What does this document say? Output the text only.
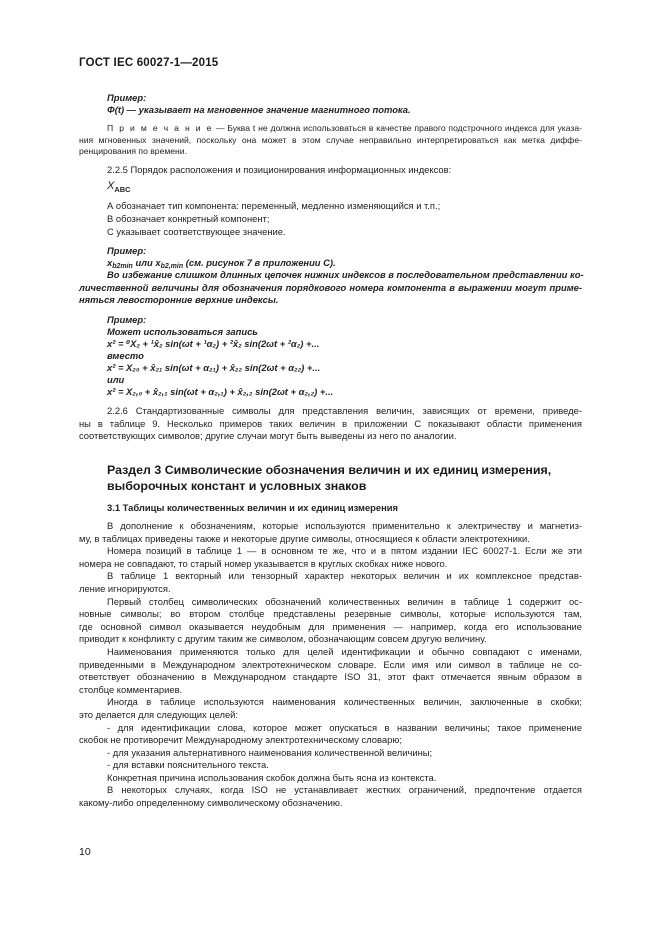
ГОСТ IEC 60027-1—2015
Пример:
Φ(t) — указывает на мгновенное значение магнитного потока.
П р и м е ч а н и е — Буква t не должна использоваться в качестве правого подстрочного индекса для указа-
ния мгновенных значений, поскольку она может в этом случае неправильно интерпретироваться как метка диффе-
ренцирования по времени.
2.2.5 Порядок расположения и позиционирования информационных индексов:
$X_{ABC}$
А обозначает тип компонента: переменный, медленно изменяющийся и т.п.;
В обозначает конкретный компонент;
С указывает соответствующее значение.
Пример:
$x_{b2min}$ или $x_{b2,min}$ (см. рисунок 7 в приложении С).
Во избежание слишком длинных цепочек нижних индексов в последовательном представлении ко-
личественной величины для обозначения порядкового номера компонента в выражении могут приме-
няться левосторонние верхние индексы.
Пример:
Может использоваться запись
x² = ⁰X₂ + ¹x̂₂ sin(ωt + ¹α₂) + ²x̂₂ sin(2ωt + ²α₂) +...
вместо
x² = X₂₀ + x̂₂₁ sin(ωt + α₂₁) + x̂₂₂ sin(2ωt + α₂₂) +...
или
x² = X₂,₀ + x̂₂,₁ sin(ωt + α₂,₁) + x̂₂,₂ sin(2ωt + α₂,₂) +...
2.2.6 Стандартизованные символы для представления величин, зависящих от времени, приведе-
ны в таблице 9. Несколько примеров таких величин в приложении С показывают области применения
соответствующих символов; другие случаи могут быть выведены из него по аналогии.
Раздел 3 Символические обозначения величин и их единиц измерения,
выборочных констант и условных знаков
3.1 Таблицы количественных величин и их единиц измерения
В дополнение к обозначениям, которые используются применительно к электричеству и магнетиз-
му, в таблицах приведены также и некоторые другие символы, относящиеся к области электротехники.
Номера позиций в таблице 1 — в основном те же, что и в пятом издании IEC 60027-1. Если же эти
номера не совпадают, то старый номер указывается в круглых скобках ниже нового.
В таблице 1 векторный или тензорный характер некоторых величин и их комплексное представ-
ление игнорируются.
Первый столбец символических обозначений количественных величин в таблице 1 содержит ос-
новные символы; во втором столбце представлены резервные символы, которые используются там,
где основной символ оказывается неудобным для применения — например, когда его использование
приводит к конфликту с другим таким же символом, обозначающим совсем другую величину.
Наименования применяются только для целей идентификации и обычно совпадают с именами,
приведенными в Международном электротехническом словаре. Если имя или символ в таблице не со-
ответствует обозначению в Международном стандарте ISO 31, этот факт отмечается явным образом в
столбце комментариев.
Иногда в таблице используются наименования количественных величин, заключенные в скобки;
это делается для следующих целей:
- для идентификации слова, которое может опускаться в названии величины; такое применение
скобок не противоречит Международному электротехническому словарю;
- для указания альтернативного наименования количественной величины;
- для вставки пояснительного текста.
Конкретная причина использования скобок должна быть ясна из контекста.
В некоторых случаях, когда ISO не устанавливает жестких ограничений, предпочтение отдается
какому-либо определенному символическому обозначению.
10
